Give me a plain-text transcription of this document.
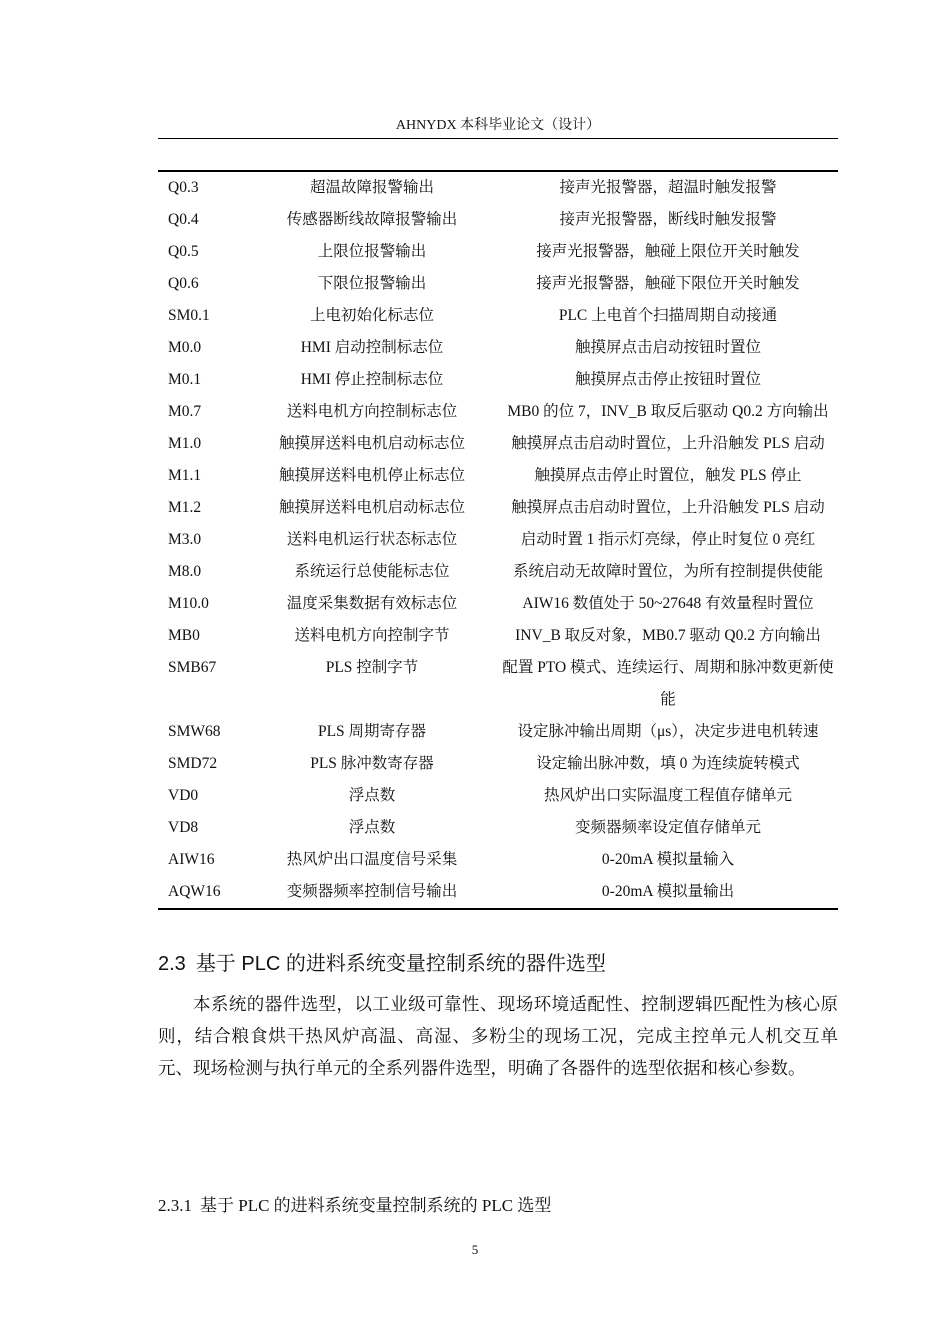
AHNYDX 本科毕业论文（设计）
Q0.3	超温故障报警输出	接声光报警器，超温时触发报警
Q0.4	传感器断线故障报警输出	接声光报警器，断线时触发报警
Q0.5	上限位报警输出	接声光报警器，触碰上限位开关时触发
Q0.6	下限位报警输出	接声光报警器，触碰下限位开关时触发
SM0.1	上电初始化标志位	PLC 上电首个扫描周期自动接通
M0.0	HMI 启动控制标志位	触摸屏点击启动按钮时置位
M0.1	HMI 停止控制标志位	触摸屏点击停止按钮时置位
M0.7	送料电机方向控制标志位	MB0 的位 7，INV_B 取反后驱动 Q0.2 方向输出
M1.0	触摸屏送料电机启动标志位	触摸屏点击启动时置位，上升沿触发 PLS 启动
M1.1	触摸屏送料电机停止标志位	触摸屏点击停止时置位，触发 PLS 停止
M1.2	触摸屏送料电机启动标志位	触摸屏点击启动时置位，上升沿触发 PLS 启动
M3.0	送料电机运行状态标志位	启动时置 1 指示灯亮绿，停止时复位 0 亮红
M8.0	系统运行总使能标志位	系统启动无故障时置位，为所有控制提供使能
M10.0	温度采集数据有效标志位	AIW16 数值处于 50~27648 有效量程时置位
MB0	送料电机方向控制字节	INV_B 取反对象，MB0.7 驱动 Q0.2 方向输出
SMB67	PLS 控制字节	配置 PTO 模式、连续运行、周期和脉冲数更新使能
SMW68	PLS 周期寄存器	设定脉冲输出周期（μs），决定步进电机转速
SMD72	PLS 脉冲数寄存器	设定输出脉冲数，填 0 为连续旋转模式
VD0	浮点数	热风炉出口实际温度工程值存储单元
VD8	浮点数	变频器频率设定值存储单元
AIW16	热风炉出口温度信号采集	0-20mA 模拟量输入
AQW16	变频器频率控制信号输出	0-20mA 模拟量输出
2.3 基于 PLC 的进料系统变量控制系统的器件选型
本系统的器件选型，以工业级可靠性、现场环境适配性、控制逻辑匹配性为核心原则，结合粮食烘干热风炉高温、高湿、多粉尘的现场工况，完成主控单元人机交互单元、现场检测与执行单元的全系列器件选型，明确了各器件的选型依据和核心参数。
2.3.1 基于 PLC 的进料系统变量控制系统的 PLC 选型
5
